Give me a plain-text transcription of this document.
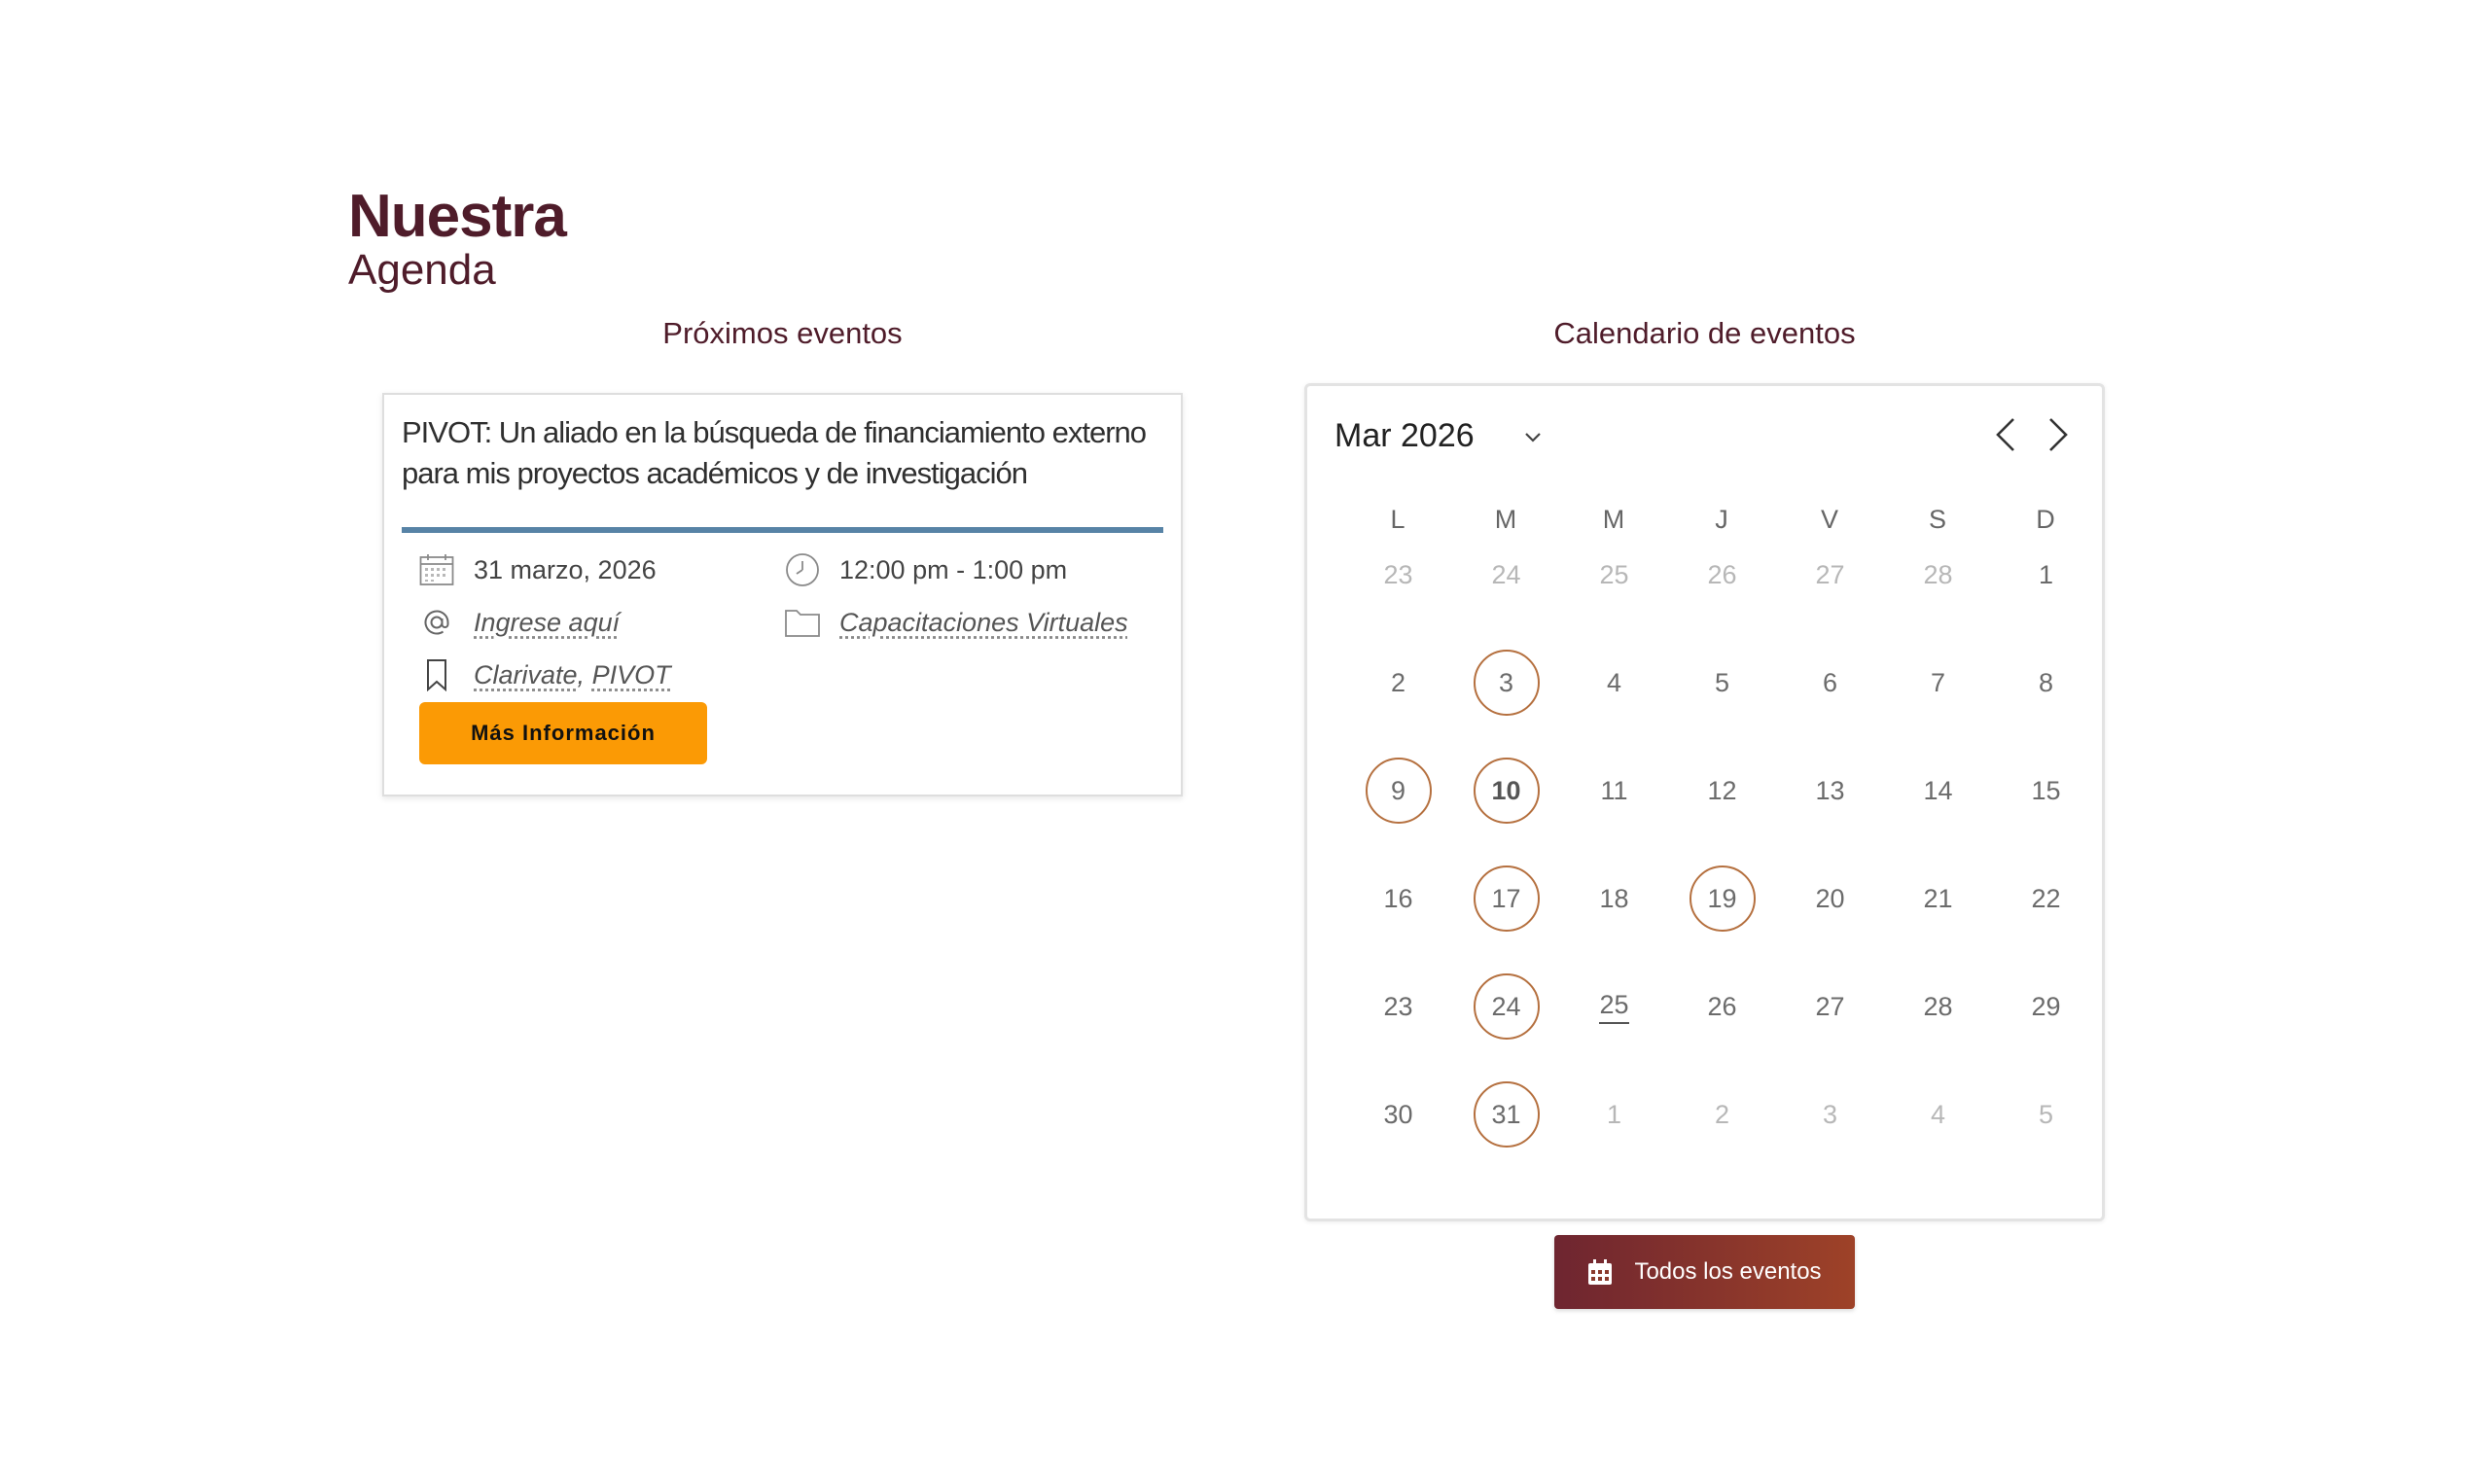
Nuestra
Agenda
Próximos eventos	Calendario de eventos
PIVOT: Un aliado en la búsqueda de financiamiento externo para mis proyectos académicos y de investigación
31 marzo, 2026	12:00 pm - 1:00 pm
Ingrese aquí	Capacitaciones Virtuales
Clarivate , PIVOT
Más Información
Mar 2026
L	M	M	J	V	S	D
23	24	25	26	27	28	1
2	3	4	5	6	7	8
9	10	11	12	13	14	15
16	17	18	19	20	21	22
23	24	25	26	27	28	29
30	31	1	2	3	4	5
Todos los eventos
